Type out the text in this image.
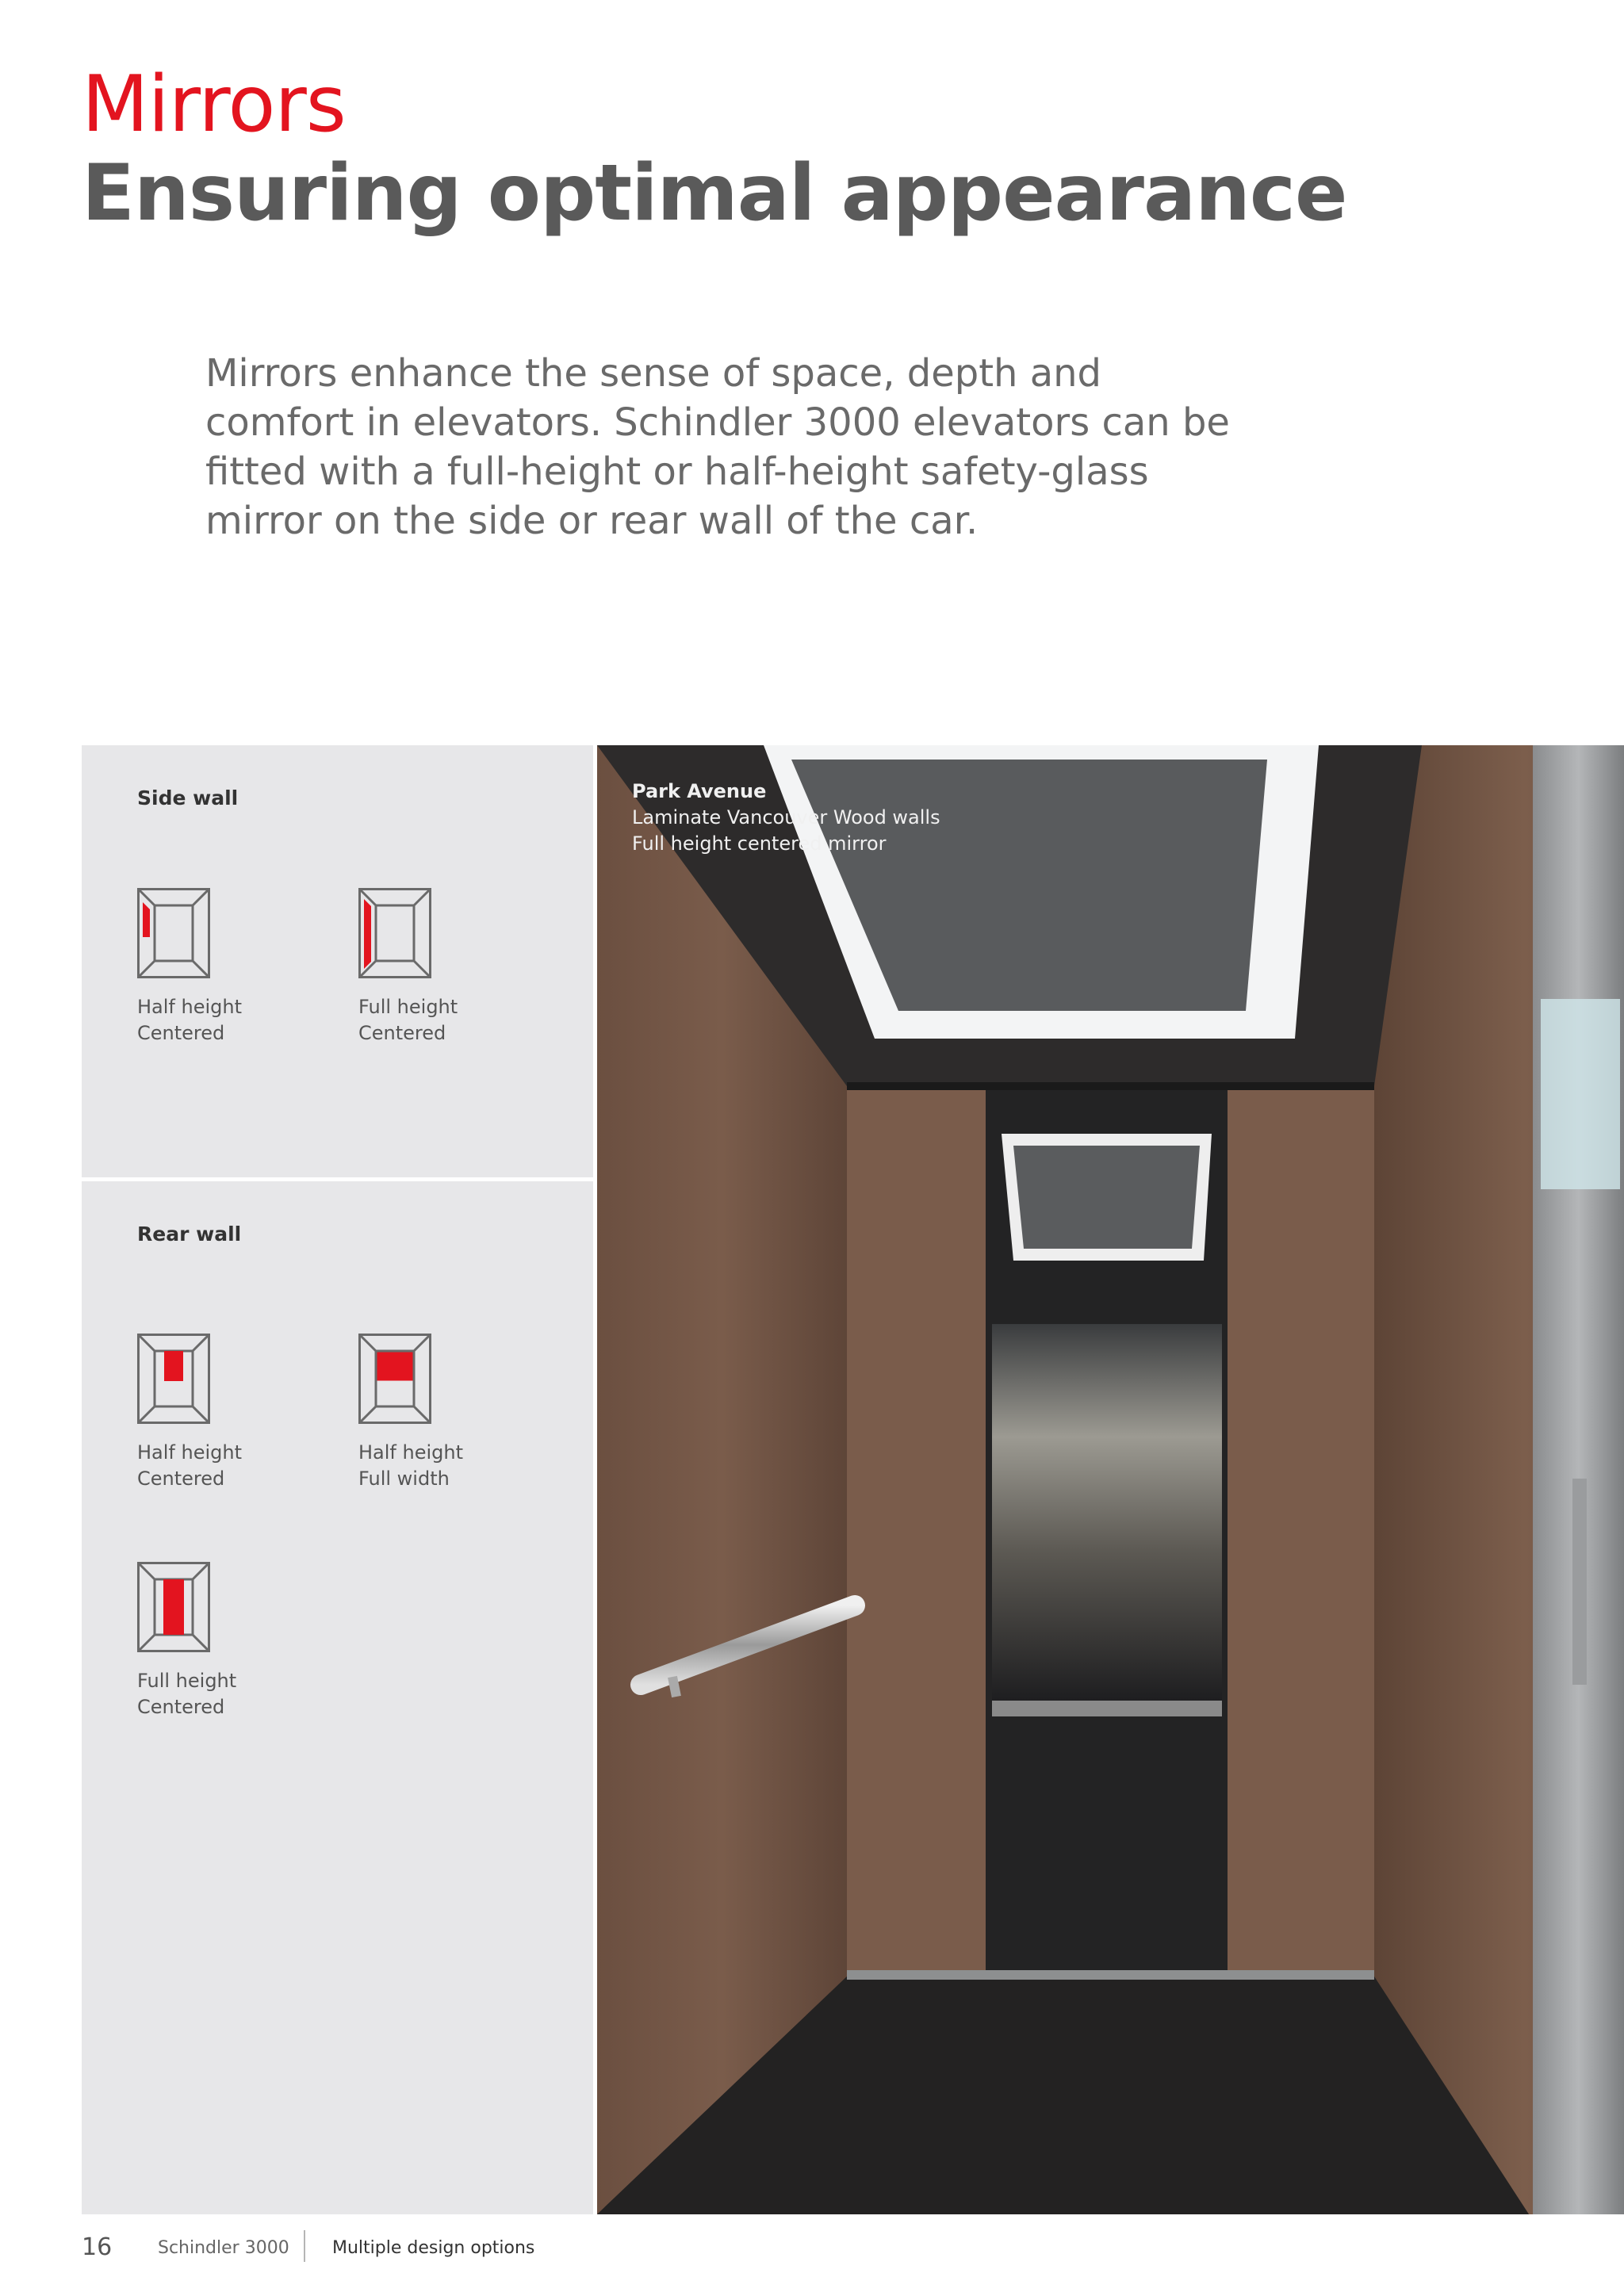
Mirrors
Ensuring optimal appearance

Mirrors enhance the sense of space, depth and comfort in elevators. Schindler 3000 elevators can be fitted with a full-height or half-height safety-glass mirror on the side or rear wall of the car.

Side wall
Half height
Centered
Full height
Centered
Rear wall
Half height
Centered
Half height
Full width
Full height
Centered
Park Avenue
Laminate Vancouver Wood walls
Full height centered mirror
16	Schindler 3000 Multiple design options
